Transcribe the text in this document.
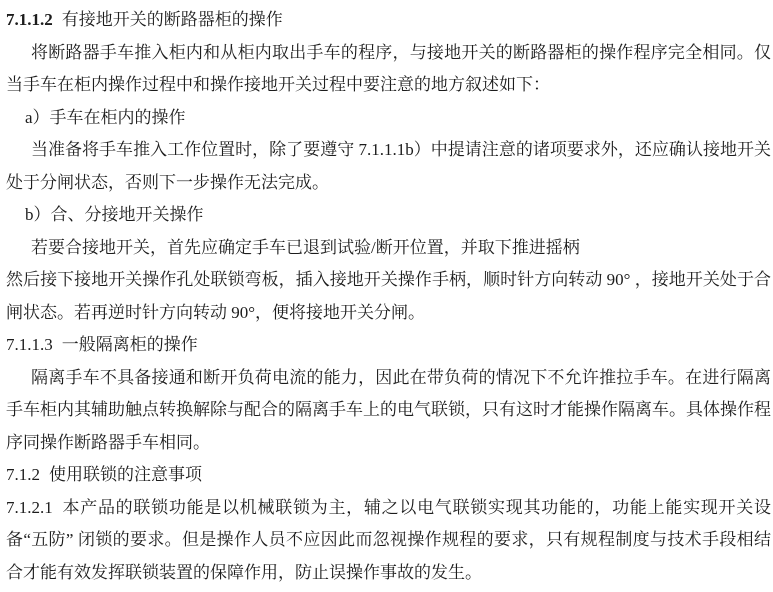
7.1.1.2 有接地开关的断路器柜的操作

将断路器手车推入柜内和从柜内取出手车的程序，与接地开关的断路器柜的操作程序完全相同。仅当手车在柜内操作过程中和操作接地开关过程中要注意的地方叙述如下：

a）手车在柜内的操作

当准备将手车推入工作位置时，除了要遵守 7.1.1.1b）中提请注意的诸项要求外，还应确认接地开关处于分闸状态，否则下一步操作无法完成。

b）合、分接地开关操作

若要合接地开关，首先应确定手车已退到试验/断开位置，并取下推进摇柄

然后接下接地开关操作孔处联锁弯板，插入接地开关操作手柄，顺时针方向转动 90° ，接地开关处于合闸状态。若再逆时针方向转动 90°，便将接地开关分闸。

7.1.1.3 一般隔离柜的操作

隔离手车不具备接通和断开负荷电流的能力，因此在带负荷的情况下不允许推拉手车。在进行隔离手车柜内其辅助触点转换解除与配合的隔离手车上的电气联锁，只有这时才能操作隔离车。具体操作程序同操作断路器手车相同。

7.1.2 使用联锁的注意事项

7.1.2.1 本产品的联锁功能是以机械联锁为主，辅之以电气联锁实现其功能的，功能上能实现开关设备“五防” 闭锁的要求。但是操作人员不应因此而忽视操作规程的要求，只有规程制度与技术手段相结合才能有效发挥联锁装置的保障作用，防止误操作事故的发生。
